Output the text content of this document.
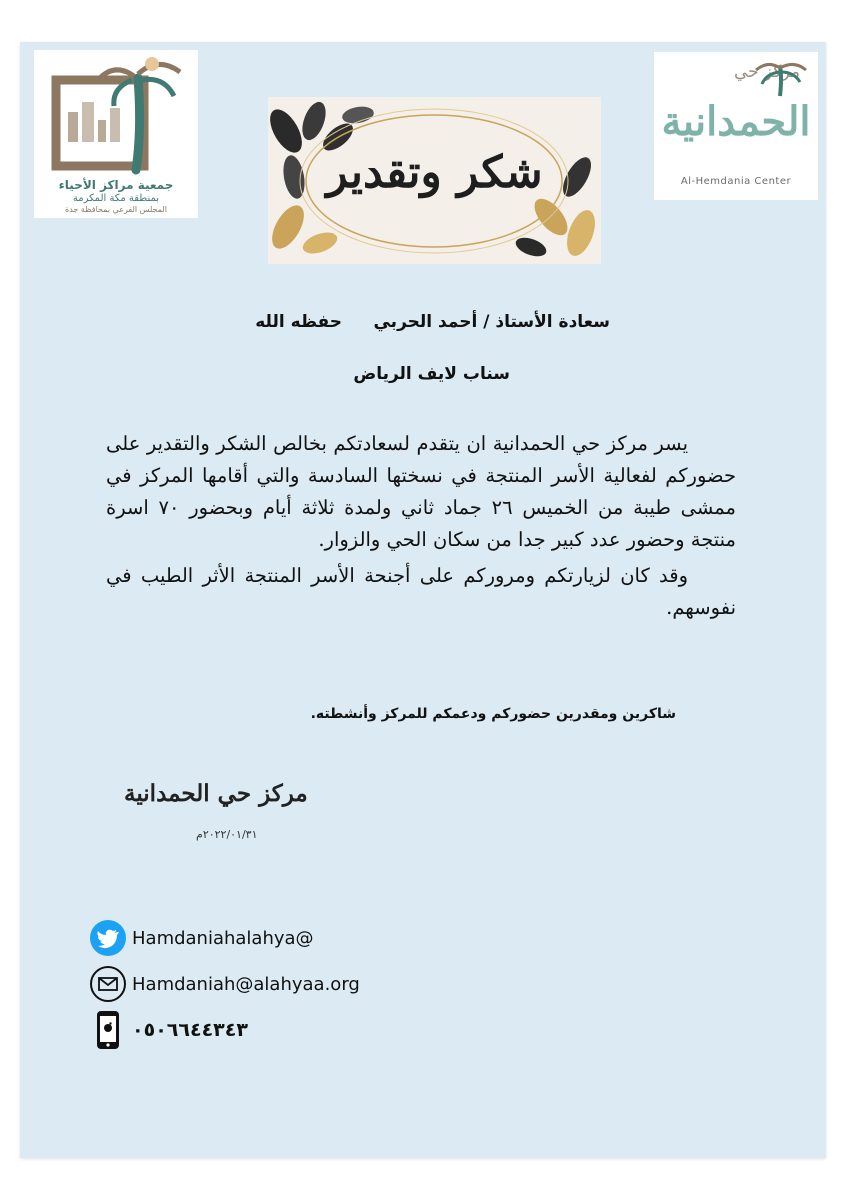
جمعية مراكز الأحياء
بمنطقة مكة المكرمة
المجلس الفرعي بمحافظة جدة
مركز حي
الحمدانية
Al-Hemdania Center
شكر وتقدير
سعادة الأستاذ / أحمد الحربي
حفظه الله
سناب لايف الرياض

يسر مركز حي الحمدانية ان يتقدم لسعادتكم بخالص الشكر والتقدير على حضوركم لفعالية الأسر المنتجة في نسختها السادسة والتي أقامها المركز في ممشى طيبة من الخميس ٢٦ جماد ثاني ولمدة ثلاثة أيام وبحضور ٧٠ اسرة منتجة وحضور عدد كبير جدا من سكان الحي والزوار.

وقد كان لزيارتكم ومروركم على أجنحة الأسر المنتجة الأثر الطيب في نفوسهم.

شاكرين ومقدرين حضوركم ودعمكم للمركز وأنشطته.
مركز حي الحمدانية
٢٠٢٢/٠١/٣١م
Hamdaniahalahya@
Hamdaniah@alahyaa.org
٠٥٠٦٦٤٤٣٤٣
